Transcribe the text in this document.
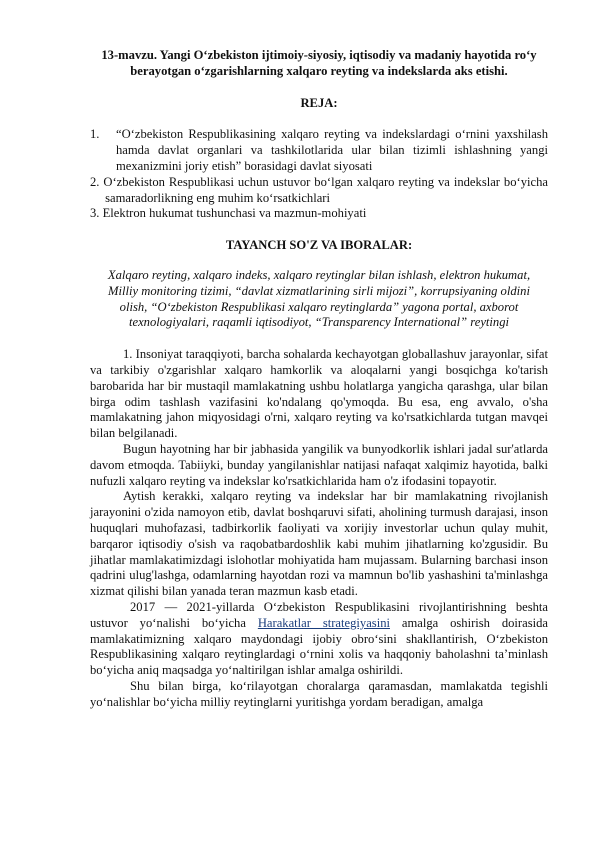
13-mavzu. Yangi O‘zbekiston ijtimoiy-siyosiy, iqtisodiy va madaniy hayotida ro‘y berayotgan o‘zgarishlarning xalqaro reyting va indekslarda aks etishi.
REJA:
1.	“O‘zbekiston Respublikasining xalqaro reyting va indekslardagi o‘rnini yaxshilash hamda davlat organlari va tashkilotlarida ular bilan tizimli ishlashning yangi mexanizmini joriy etish” borasidagi davlat siyosati
2. O‘zbekiston Respublikasi uchun ustuvor bo‘lgan xalqaro reyting va indekslar bo‘yicha samaradorlikning eng muhim ko‘rsatkichlari
3. Elektron hukumat tushunchasi va mazmun-mohiyati
TAYANCH SO'Z VA IBORALAR:
Xalqaro reyting, xalqaro indeks, xalqaro reytinglar bilan ishlash, elektron hukumat, Milliy monitoring tizimi, “davlat xizmatlarining sirli mijozi”, korrupsiyaning oldini olish, “O‘zbekiston Respublikasi xalqaro reytinglarda” yagona portal, axborot texnologiyalari, raqamli iqtisodiyot, “Transparency International” reytingi

1. Insoniyat taraqqiyoti, barcha sohalarda kechayotgan globallashuv jarayonlar, sifat va tarkibiy o'zgarishlar xalqaro hamkorlik va aloqalarni yangi bosqichga ko'tarish barobarida har bir mustaqil mamlakatning ushbu holatlarga yangicha qarashga, ular bilan birga odim tashlash vazifasini ko'ndalang qo'ymoqda. Bu esa, eng avvalo, o'sha mamlakatning jahon miqyosidagi o'rni, xalqaro reyting va ko'rsatkichlarda tutgan mavqei bilan belgilanadi.

Bugun hayotning har bir jabhasida yangilik va bunyodkorlik ishlari jadal sur'atlarda davom etmoqda. Tabiiyki, bunday yangilanishlar natijasi nafaqat xalqimiz hayotida, balki nufuzli xalqaro reyting va indekslar ko'rsatkichlarida ham o'z ifodasini topayotir.

Aytish kerakki, xalqaro reyting va indekslar har bir mamlakatning rivojlanish jarayonini o'zida namoyon etib, davlat boshqaruvi sifati, aholining turmush darajasi, inson huquqlari muhofazasi, tadbirkorlik faoliyati va xorijiy investorlar uchun qulay muhit, barqaror iqtisodiy o'sish va raqobatbardoshlik kabi muhim jihatlarning ko'zgusidir. Bu jihatlar mamlakatimizdagi islohotlar mohiyatida ham mujassam. Bularning barchasi inson qadrini ulug'lashga, odamlarning hayotdan rozi va mamnun bo'lib yashashini ta'minlashga xizmat qilishi bilan yanada teran mazmun kasb etadi.

2017 — 2021-yillarda O‘zbekiston Respublikasini rivojlantirishning beshta ustuvor yo‘nalishi bo‘yicha Harakatlar strategiyasini amalga oshirish doirasida mamlakatimizning xalqaro maydondagi ijobiy obro‘sini shakllantirish, O‘zbekiston Respublikasining xalqaro reytinglardagi o‘rnini xolis va haqqoniy baholashni ta’minlash bo‘yicha aniq maqsadga yo‘naltirilgan ishlar amalga oshirildi.

Shu bilan birga, ko‘rilayotgan choralarga qaramasdan, mamlakatda tegishli yo‘nalishlar bo‘yicha milliy reytinglarni yuritishga yordam beradigan, amalga
